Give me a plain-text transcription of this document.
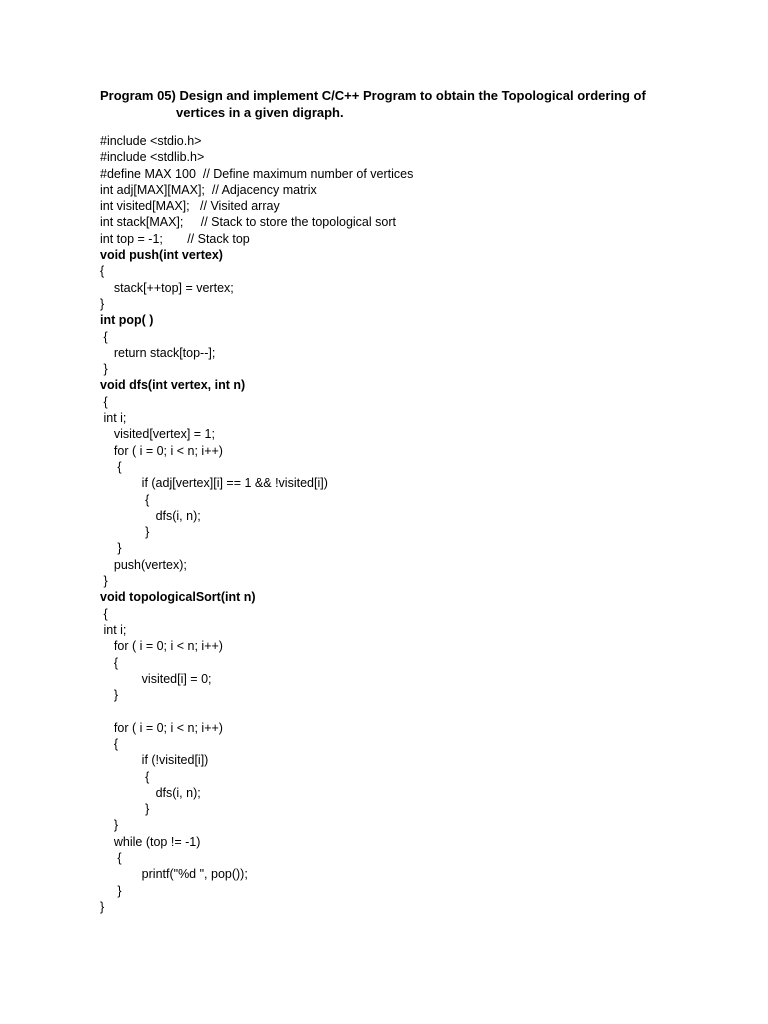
Program 05) Design and implement C/C++ Program to obtain the Topological ordering of
vertices in a given digraph.
#include <stdio.h>
#include <stdlib.h>
#define MAX 100  // Define maximum number of vertices
int adj[MAX][MAX];  // Adjacency matrix
int visited[MAX];   // Visited array
int stack[MAX];     // Stack to store the topological sort
int top = -1;       // Stack top
void push(int vertex)
{
stack[++top] = vertex;
}
int pop( )
{
return stack[top--];
}
void dfs(int vertex, int n)
{
int i;
visited[vertex] = 1;
for ( i = 0; i < n; i++)
{
if (adj[vertex][i] == 1 && !visited[i])
{
dfs(i, n);
}
}
push(vertex);
}
void topologicalSort(int n)
{
int i;
for ( i = 0; i < n; i++)
{
visited[i] = 0;
}
for ( i = 0; i < n; i++)
{
if (!visited[i])
{
dfs(i, n);
}
}
while (top != -1)
{
printf("%d ", pop());
}
}
